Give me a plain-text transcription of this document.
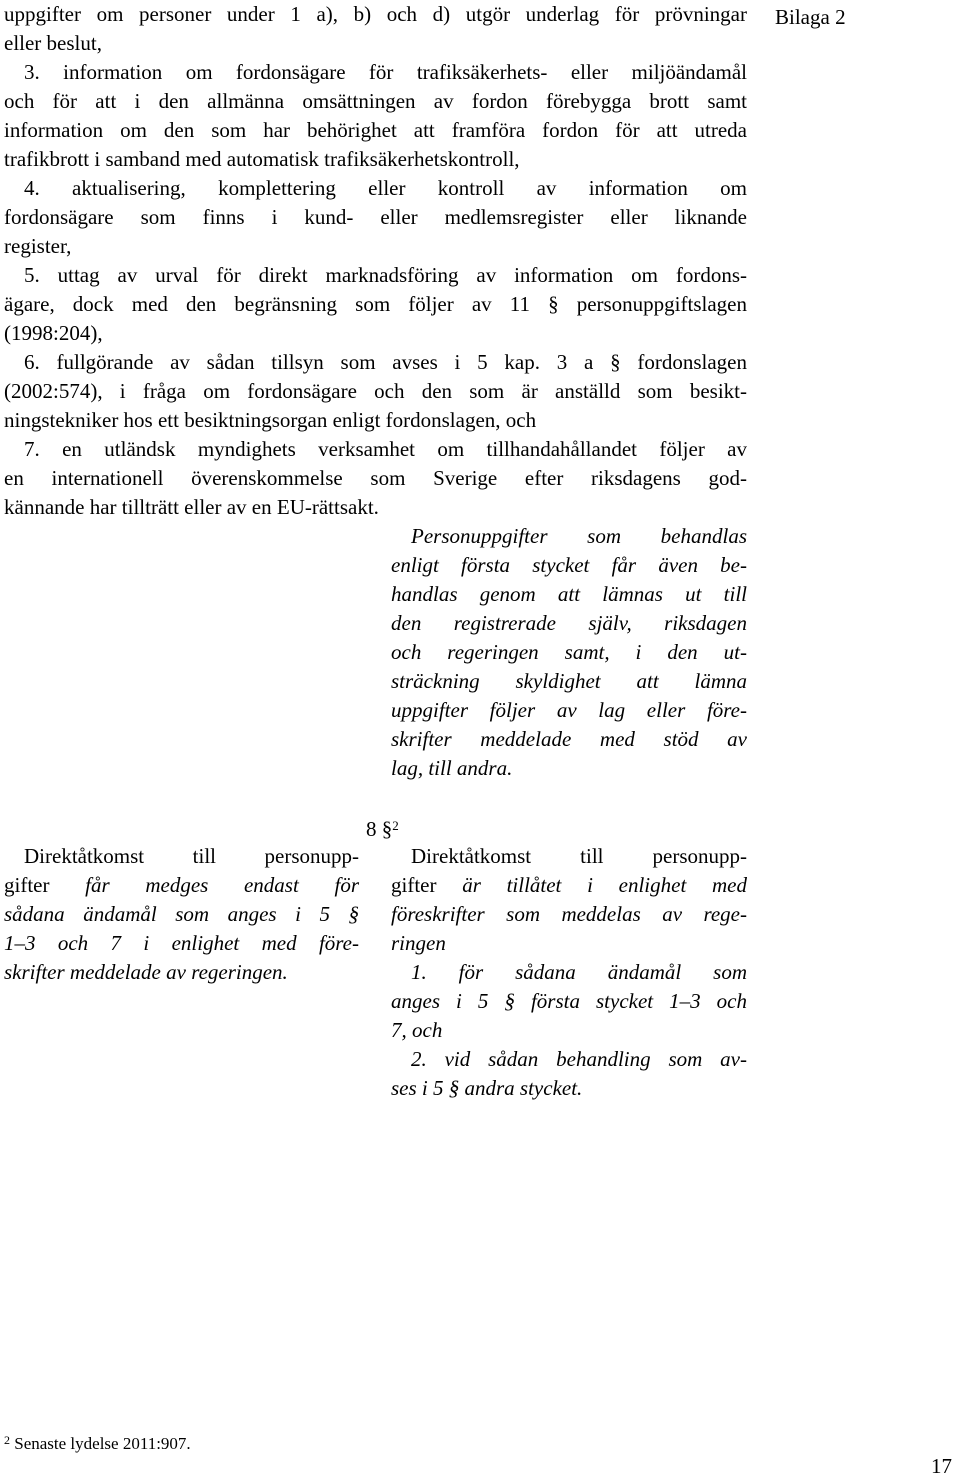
Bilaga 2
uppgifter om personer under 1 a), b) och d) utgör underlag för prövningar
eller beslut,
3. information om fordonsägare för trafiksäkerhets- eller miljöändamål
och för att i den allmänna omsättningen av fordon förebygga brott samt
information om den som har behörighet att framföra fordon för att utreda
trafikbrott i samband med automatisk trafiksäkerhetskontroll,
4. aktualisering, komplettering eller kontroll av information om
fordonsägare som finns i kund- eller medlemsregister eller liknande
register,
5. uttag av urval för direkt marknadsföring av information om fordons-
ägare, dock med den begränsning som följer av 11 § personuppgiftslagen
(1998:204),
6. fullgörande av sådan tillsyn som avses i 5 kap. 3 a § fordonslagen
(2002:574), i fråga om fordonsägare och den som är anställd som besikt-
ningstekniker hos ett besiktningsorgan enligt fordonslagen, och
7. en utländsk myndighets verksamhet om tillhandahållandet följer av
en internationell överenskommelse som Sverige efter riksdagens god-
kännande har tillträtt eller av en EU-rättsakt.
Personuppgifter som behandlas
enligt första stycket får även be-
handlas genom att lämnas ut till
den registrerade själv, riksdagen
och regeringen samt, i den ut-
sträckning skyldighet att lämna
uppgifter följer av lag eller före-
skrifter meddelade med stöd av
lag, till andra.
8 §$^2$
Direktåtkomst till personupp-
gifter får medges endast för
sådana ändamål som anges i 5 §
1–3 och 7 i enlighet med före-
skrifter meddelade av regeringen.
Direktåtkomst till personupp-
gifter är tillåtet i enlighet med
föreskrifter som meddelas av rege-
ringen
1. för sådana ändamål som
anges i 5 § första stycket 1–3 och
7, och
2. vid sådan behandling som av-
ses i 5 § andra stycket.
$^2$ Senaste lydelse 2011:907.
17
